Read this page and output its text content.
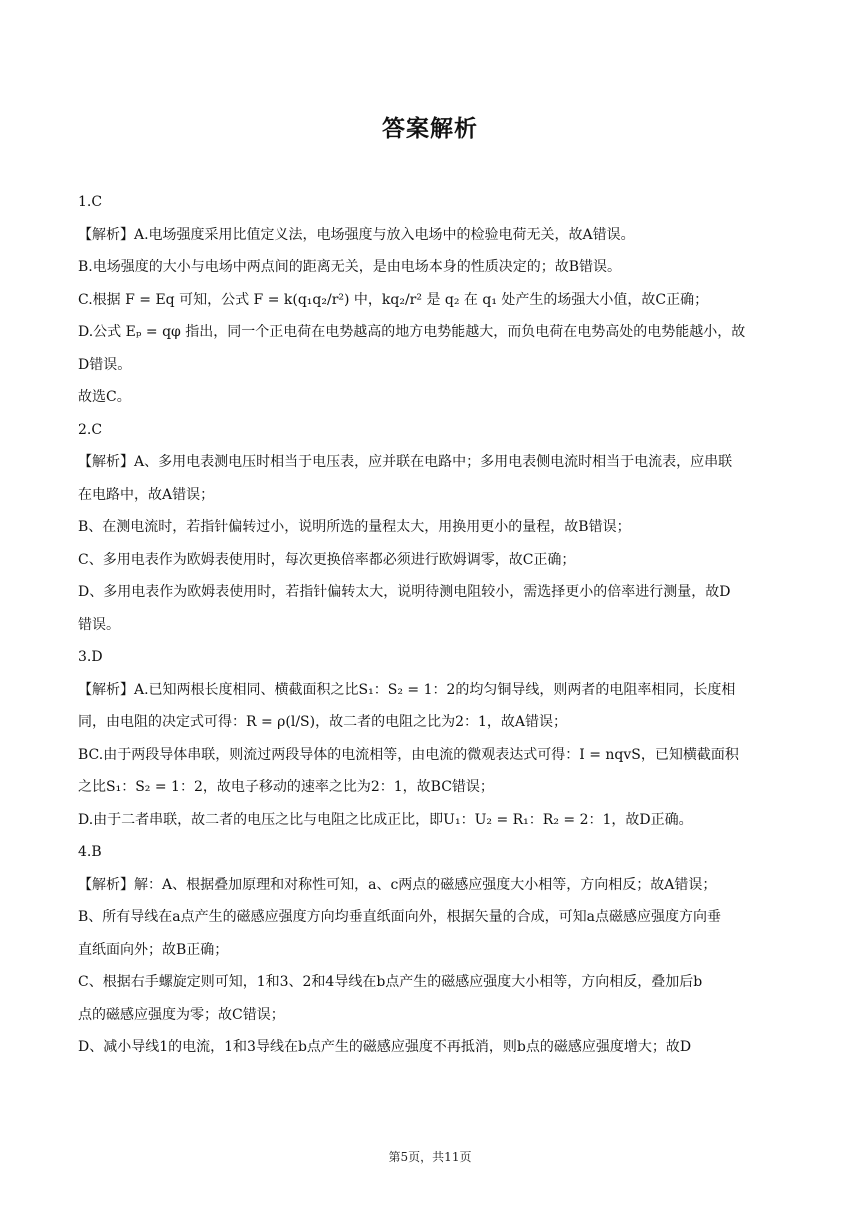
答案解析
1.C
【解析】A.电场强度采用比值定义法，电场强度与放入电场中的检验电荷无关，故A错误。
B.电场强度的大小与电场中两点间的距离无关，是由电场本身的性质决定的；故B错误。
C.根据 F = Eq 可知，公式 F = k(q₁q₂/r²) 中，kq₂/r² 是 q₂ 在 q₁ 处产生的场强大小值，故C正确；
D.公式 Eₚ = qφ 指出，同一个正电荷在电势越高的地方电势能越大，而负电荷在电势高处的电势能越小，故
D错误。
故选C。
2.C
【解析】A、多用电表测电压时相当于电压表，应并联在电路中；多用电表侧电流时相当于电流表，应串联
在电路中，故A错误；
B、在测电流时，若指针偏转过小，说明所选的量程太大，用换用更小的量程，故B错误；
C、多用电表作为欧姆表使用时，每次更换倍率都必须进行欧姆调零，故C正确；
D、多用电表作为欧姆表使用时，若指针偏转太大，说明待测电阻较小，需选择更小的倍率进行测量，故D
错误。
3.D
【解析】A.已知两根长度相同、横截面积之比S₁：S₂ = 1：2的均匀铜导线，则两者的电阻率相同，长度相
同，由电阻的决定式可得：R = ρ(l/S)，故二者的电阻之比为2：1，故A错误；
BC.由于两段导体串联，则流过两段导体的电流相等，由电流的微观表达式可得：I = nqvS，已知横截面积
之比S₁：S₂ = 1：2，故电子移动的速率之比为2：1，故BC错误；
D.由于二者串联，故二者的电压之比与电阻之比成正比，即U₁：U₂ = R₁：R₂ = 2：1，故D正确。
4.B
【解析】解：A、根据叠加原理和对称性可知，a、c两点的磁感应强度大小相等，方向相反；故A错误；
B、所有导线在a点产生的磁感应强度方向均垂直纸面向外，根据矢量的合成，可知a点磁感应强度方向垂
直纸面向外；故B正确；
C、根据右手螺旋定则可知，1和3、2和4导线在b点产生的磁感应强度大小相等，方向相反，叠加后b
点的磁感应强度为零；故C错误；
D、减小导线1的电流，1和3导线在b点产生的磁感应强度不再抵消，则b点的磁感应强度增大；故D
第5页，共11页
